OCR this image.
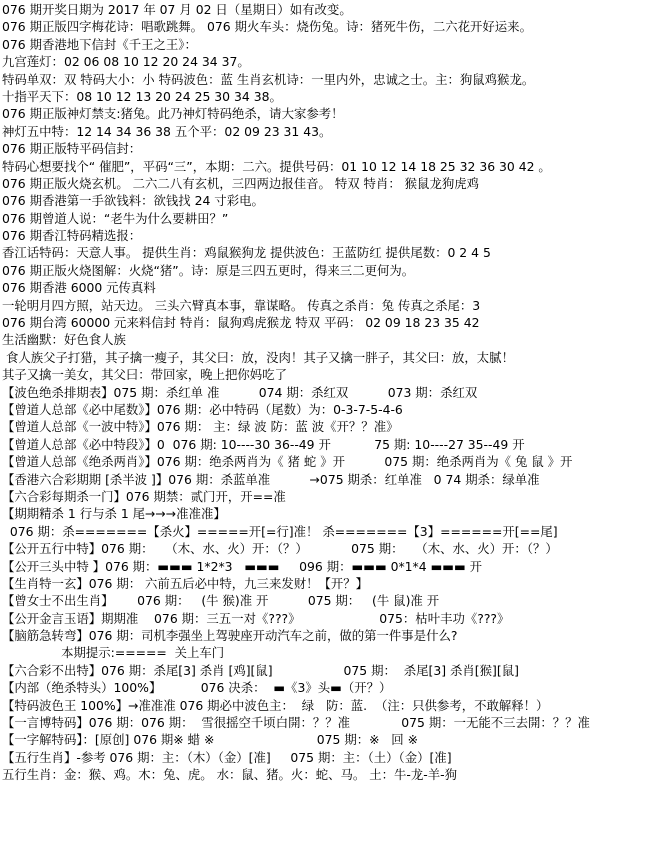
076 期开奖日期为 2017 年 07 月 02 日（星期日）如有改变。
076 期正版四字梅花诗：唱歌跳舞。 076 期火车头：烧伤兔。诗：猪死牛伤，二六花开好运来。
076 期香港地下信封《千王之王》：
九宫莲灯：02 06 08 10 12 20 24 34 37。
特码单双：双 特码大小：小 特码波色：蓝 生肖玄机诗：一里内外，忠诚之士。主：狗鼠鸡猴龙。
十指平天下：08 10 12 13 20 24 25 30 34 38。
076 期正版神灯禁支:猪兔。此乃神灯特码绝杀，请大家参考！
神灯五中特：12 14 34 36 38 五个平：02 09 23 31 43。
076 期正版特平码信封：
特码心想要找个“ 催肥”，平码“三”，本期：二六。提供号码：01 10 12 14 18 25 32 36 30 42 。
076 期正版火烧玄机。 二六二八有玄机，三四两边报佳音。 特双 特肖： 猴鼠龙狗虎鸡
076 期香港第一手欲钱料：欲钱找 24 寸彩电。
076 期曾道人说：“老牛为什么要耕田？”
076 期香江特码精选报：
香江话特码：天意人事。 提供生肖：鸡鼠猴狗龙 提供波色：王蓝防红 提供尾数：0 2 4 5
076 期正版火烧图解：火烧“猪”。诗：原是三四五更时，得来三二更何为。
076 期香港 6000 元传真料
一轮明月四方照，站天边。 三头六臂真本事，靠谋略。 传真之杀肖：兔 传真之杀尾：3
076 期台湾 60000 元来料信封 特肖：鼠狗鸡虎猴龙 特双 平码： 02 09 18 23 35 42
生活幽默：好色食人族
食人族父子打猎，其子擒一瘦子，其父曰：放，没肉！其子又擒一胖子，其父曰：放，太腻！
其子又擒一美女，其父曰：带回家，晚上把你妈吃了
【波色绝杀排期表】075 期：杀红单 准          074 期：杀红双          073 期：杀红双
【曾道人总部《必中尾数》】076 期：必中特码（尾数）为：0-3-7-5-4-6
【曾道人总部《一波中特》】076 期： 主：绿 波 防：蓝 波《开？？准》
【曾道人总部《必中特段》】0  076 期: 10----30 36--49 开           75 期: 10----27 35--49 开
【曾道人总部《绝杀两肖》】076 期：绝杀两肖为《 猪 蛇 》开          075 期：绝杀两肖为《 兔 鼠 》开
【香港六合彩期期 [杀半波 ]】076 期：杀蓝单准          →075 期杀：红单准   0 74 期杀：绿单准
【六合彩每期杀一门】076 期禁：贰门开，开==准
【期期精杀 1 行与杀 1 尾→→→准准准】
076 期：杀=======【杀火】=====开[=行]准！ 杀=======【3】======开[==尾]
【公开五行中特】076 期：   （木、水、火）开：（？）           075 期：   （木、水、火）开：（？）
【公开三头中特 】076 期：▬▬▬ 1*2*3   ▬▬▬     096 期：▬▬▬ 0*1*4 ▬▬▬ 开
【生肖特一玄】076 期： 六前五后必中特，九三来发财！【开？】
【曾女士不出生肖】      076 期：   (牛 猴)准 开          075 期：   (牛 鼠)准 开
【公开金言玉语】期期准    076 期：三五一对《???》                    075：枯叶丰功《???》
【脑筋急转弯】076 期：司机李强坐上驾驶座开动汽车之前，做的第一件事是什么?
本期提示:=====  关上车门
【六合彩不出特】076 期：杀尾[3] 杀肖 [鸡][鼠]                  075 期：  杀尾[3] 杀肖[猴][鼠]
【内部（绝杀特头）100%】          076 决杀：  ▬《3》头▬（开？）
【特码波色王 100%】→准准准 076 期必中波色主：  绿   防：蓝.  （注：只供参考，不敢解释！）
【一言博特码】076 期：076 期：  雪很摇空千顷白開：？？准             075 期：一无能不三去開：？？准
【一字解特码】：[原创] 076 期※ 蜡 ※                          075 期：※   回 ※
【五行生肖】-参考 076 期：主：（木）（金）[准]     075 期：主：（土）（金）[准]
五行生肖：金：猴、鸡。木：兔、虎。 水：鼠、猪。火：蛇、马。 土：牛-龙-羊-狗
